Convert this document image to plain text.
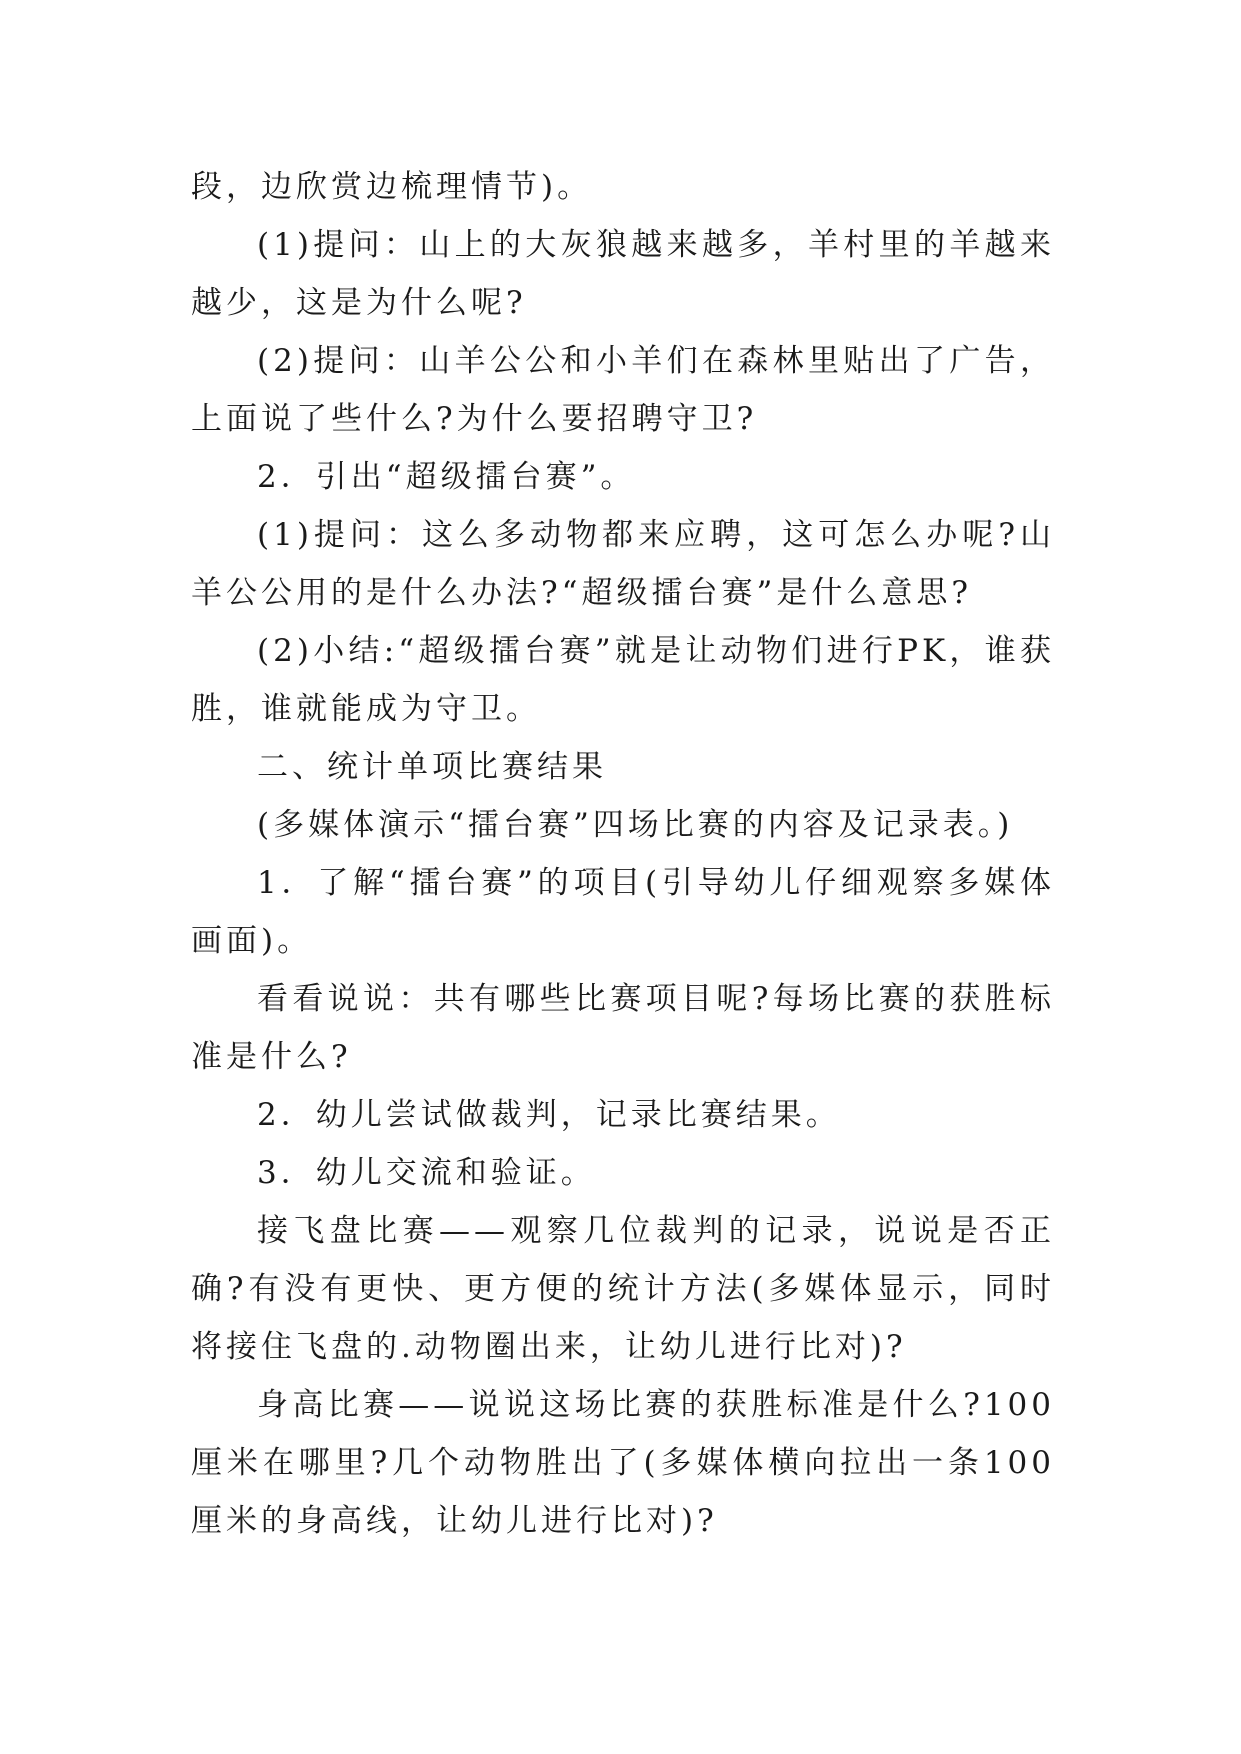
段，边欣赏边梳理情节)。

(1)提问：山上的大灰狼越来越多，羊村里的羊越来越少，这是为什么呢?

(2)提问：山羊公公和小羊们在森林里贴出了广告，上面说了些什么?为什么要招聘守卫?

2．引出“超级擂台赛”。

(1)提问：这么多动物都来应聘，这可怎么办呢?山羊公公用的是什么办法?“超级擂台赛”是什么意思?

(2)小结:“超级擂台赛”就是让动物们进行PK，谁获胜，谁就能成为守卫。

二、统计单项比赛结果

(多媒体演示“擂台赛”四场比赛的内容及记录表。)

1．了解“擂台赛”的项目(引导幼儿仔细观察多媒体画面)。

看看说说：共有哪些比赛项目呢?每场比赛的获胜标准是什么?

2．幼儿尝试做裁判，记录比赛结果。

3．幼儿交流和验证。

接飞盘比赛——观察几位裁判的记录，说说是否正确?有没有更快、更方便的统计方法(多媒体显示，同时将接住飞盘的.动物圈出来，让幼儿进行比对)?

身高比赛——说说这场比赛的获胜标准是什么?100厘米在哪里?几个动物胜出了(多媒体横向拉出一条100厘米的身高线，让幼儿进行比对)?
